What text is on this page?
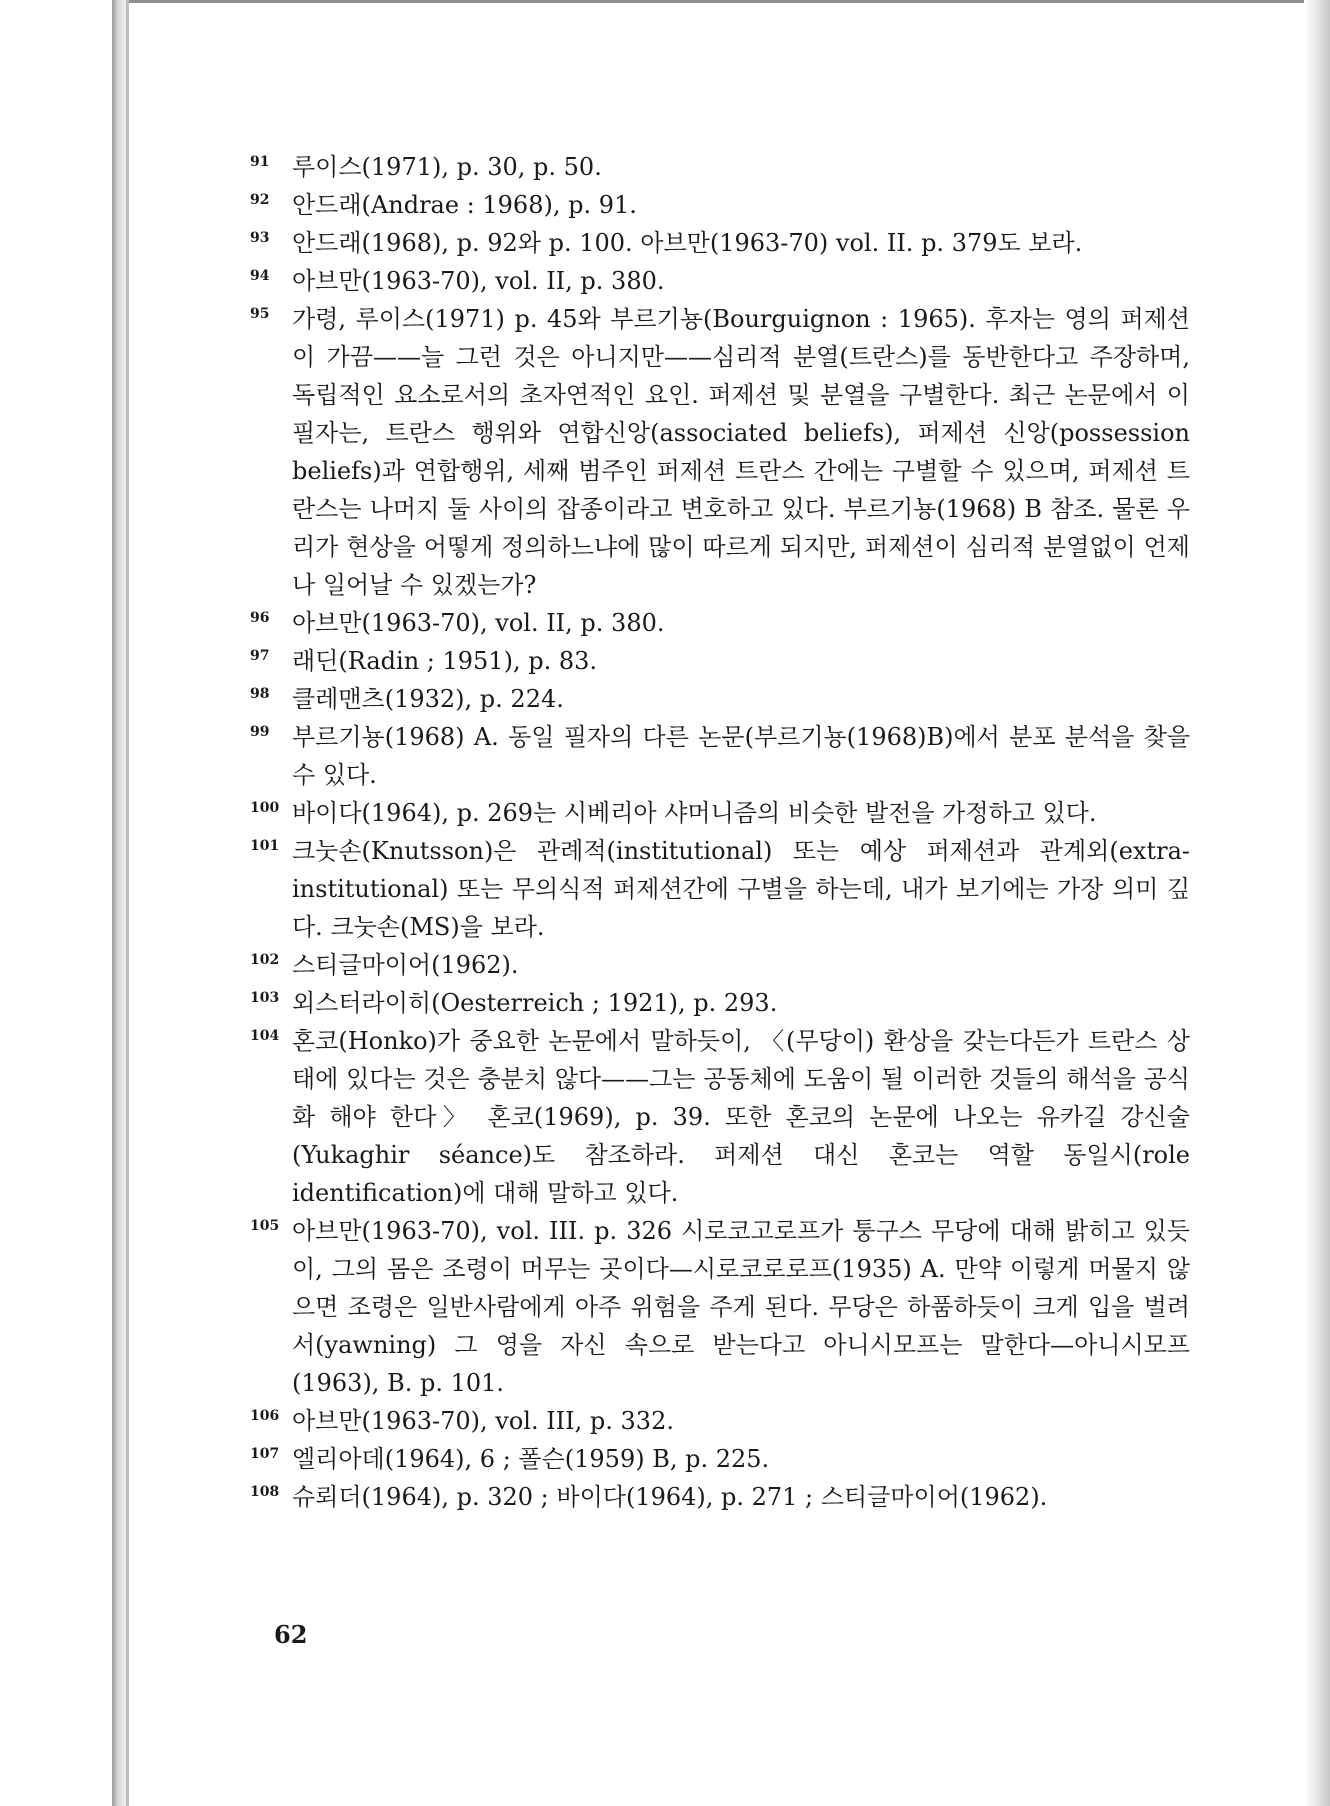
91 루이스(1971), p. 30, p. 50.

92 안드래(Andrae : 1968), p. 91.

93 안드래(1968), p. 92와 p. 100. 아브만(1963-70) vol. II. p. 379도 보라.

94 아브만(1963-70), vol. II, p. 380.

95 가령, 루이스(1971) p. 45와 부르기뇽(Bourguignon : 1965). 후자는 영의 퍼제션이 가끔——늘 그런 것은 아니지만——심리적 분열(트란스)를 동반한다고 주장하며, 독립적인 요소로서의 초자연적인 요인. 퍼제션 및 분열을 구별한다. 최근 논문에서 이 필자는, 트란스 행위와 연합신앙(associated beliefs), 퍼제션 신앙(possession beliefs)과 연합행위, 세째 범주인 퍼제션 트란스 간에는 구별할 수 있으며, 퍼제션 트란스는 나머지 둘 사이의 잡종이라고 변호하고 있다. 부르기뇽(1968) B 참조. 물론 우리가 현상을 어떻게 정의하느냐에 많이 따르게 되지만, 퍼제션이 심리적 분열없이 언제나 일어날 수 있겠는가?

96 아브만(1963-70), vol. II, p. 380.

97 래딘(Radin ; 1951), p. 83.

98 클레맨츠(1932), p. 224.

99 부르기뇽(1968) A. 동일 필자의 다른 논문(부르기뇽(1968)B)에서 분포 분석을 찾을 수 있다.

100 바이다(1964), p. 269는 시베리아 샤머니즘의 비슷한 발전을 가정하고 있다.

101 크눗손(Knutsson)은 관례적(institutional) 또는 예상 퍼제션과 관계외(extra-institutional) 또는 무의식적 퍼제션간에 구별을 하는데, 내가 보기에는 가장 의미 깊다. 크눗손(MS)을 보라.

102 스티글마이어(1962).

103 외스터라이히(Oesterreich ; 1921), p. 293.

104 혼코(Honko)가 중요한 논문에서 말하듯이, 〈(무당이) 환상을 갖는다든가 트란스 상태에 있다는 것은 충분치 않다——그는 공동체에 도움이 될 이러한 것들의 해석을 공식화 해야 한다〉 혼코(1969), p. 39. 또한 혼코의 논문에 나오는 유카길 강신술(Yukaghir séance)도 참조하라. 퍼제션 대신 혼코는 역할 동일시(role identification)에 대해 말하고 있다.

105 아브만(1963-70), vol. III. p. 326 시로코고로프가 퉁구스 무당에 대해 밝히고 있듯이, 그의 몸은 조령이 머무는 곳이다—시로코로로프(1935) A. 만약 이렇게 머물지 않으면 조령은 일반사람에게 아주 위험을 주게 된다. 무당은 하품하듯이 크게 입을 벌려서(yawning) 그 영을 자신 속으로 받는다고 아니시모프는 말한다—아니시모프(1963), B. p. 101.

106 아브만(1963-70), vol. III, p. 332.

107 엘리아데(1964), 6 ; 폴슨(1959) B, p. 225.

108 슈뢰더(1964), p. 320 ; 바이다(1964), p. 271 ; 스티글마이어(1962).

62
